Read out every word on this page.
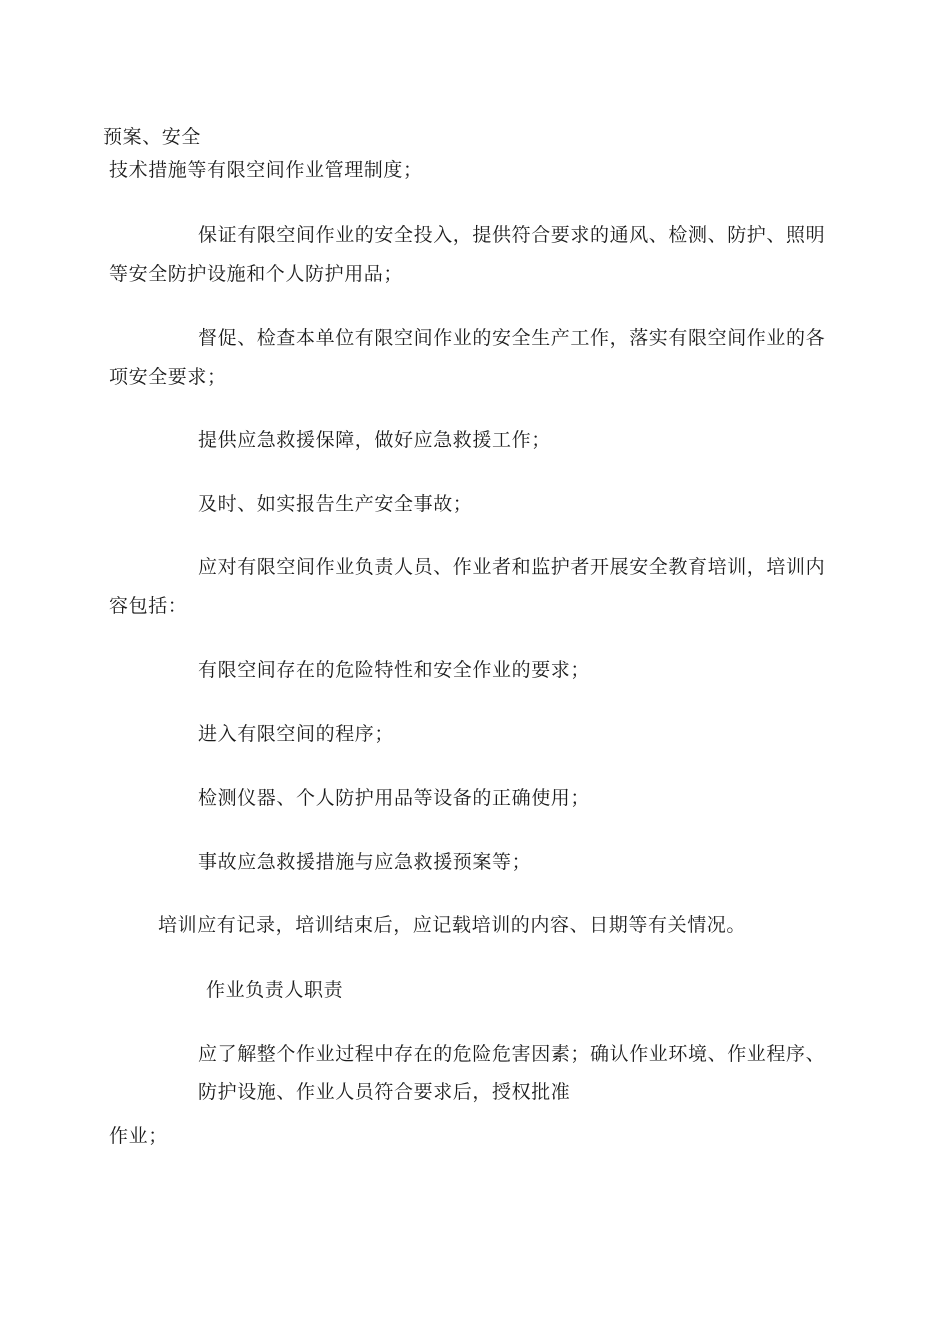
预案、安全
技术措施等有限空间作业管理制度；
保证有限空间作业的安全投入，提供符合要求的通风、检测、防护、照明
等安全防护设施和个人防护用品；
督促、检查本单位有限空间作业的安全生产工作，落实有限空间作业的各
项安全要求；
提供应急救援保障，做好应急救援工作；
及时、如实报告生产安全事故；
应对有限空间作业负责人员、作业者和监护者开展安全教育培训，培训内
容包括：
有限空间存在的危险特性和安全作业的要求；
进入有限空间的程序；
检测仪器、个人防护用品等设备的正确使用；
事故应急救援措施与应急救援预案等；
培训应有记录，培训结束后，应记载培训的内容、日期等有关情况。
作业负责人职责
应了解整个作业过程中存在的危险危害因素；确认作业环境、作业程序、
防护设施、作业人员符合要求后，授权批准
作业；
